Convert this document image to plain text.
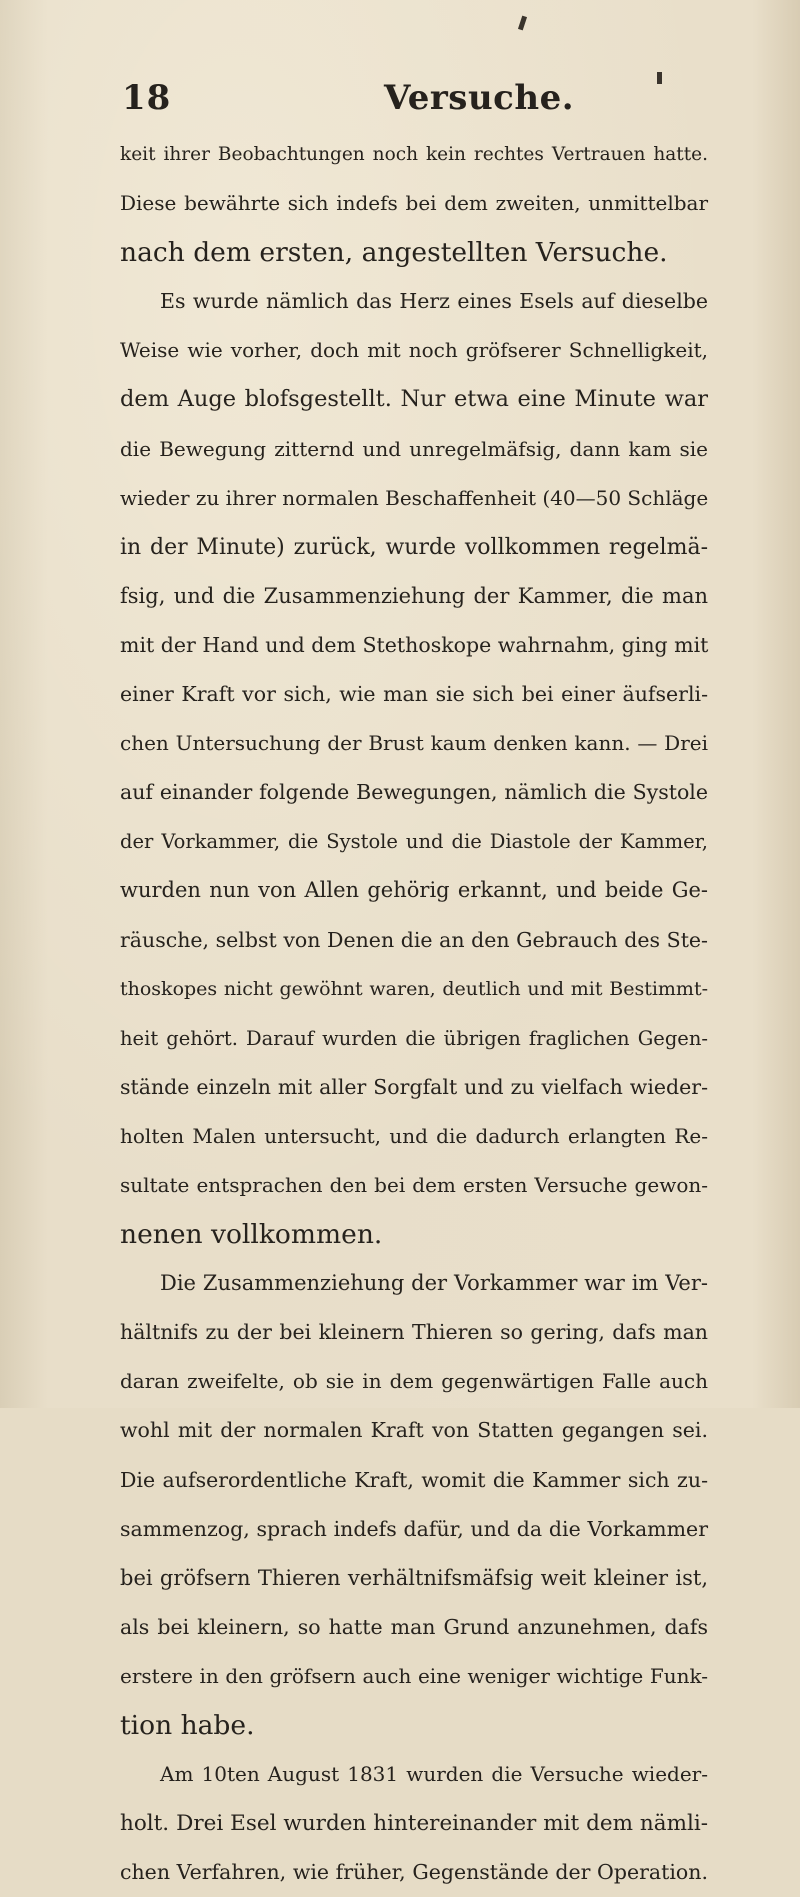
18	Versuche.
keit ihrer Beobachtungen noch kein rechtes Vertrauen hatte.
Diese bewährte sich indefs bei dem zweiten, unmittelbar
nach dem ersten, angestellten Versuche.
Es wurde nämlich das Herz eines Esels auf dieselbe
Weise wie vorher, doch mit noch gröfserer Schnelligkeit,
dem Auge blofsgestellt. Nur etwa eine Minute war
die Bewegung zitternd und unregelmäfsig, dann kam sie
wieder zu ihrer normalen Beschaffenheit (40—50 Schläge
in der Minute) zurück, wurde vollkommen regelmä-
fsig, und die Zusammenziehung der Kammer, die man
mit der Hand und dem Stethoskope wahrnahm, ging mit
einer Kraft vor sich, wie man sie sich bei einer äufserli-
chen Untersuchung der Brust kaum denken kann. — Drei
auf einander folgende Bewegungen, nämlich die Systole
der Vorkammer, die Systole und die Diastole der Kammer,
wurden nun von Allen gehörig erkannt, und beide Ge-
räusche, selbst von Denen die an den Gebrauch des Ste-
thoskopes nicht gewöhnt waren, deutlich und mit Bestimmt-
heit gehört. Darauf wurden die übrigen fraglichen Gegen-
stände einzeln mit aller Sorgfalt und zu vielfach wieder-
holten Malen untersucht, und die dadurch erlangten Re-
sultate entsprachen den bei dem ersten Versuche gewon-
nenen vollkommen.
Die Zusammenziehung der Vorkammer war im Ver-
hältnifs zu der bei kleinern Thieren so gering, dafs man
daran zweifelte, ob sie in dem gegenwärtigen Falle auch
wohl mit der normalen Kraft von Statten gegangen sei.
Die aufserordentliche Kraft, womit die Kammer sich zu-
sammenzog, sprach indefs dafür, und da die Vorkammer
bei gröfsern Thieren verhältnifsmäfsig weit kleiner ist,
als bei kleinern, so hatte man Grund anzunehmen, dafs
erstere in den gröfsern auch eine weniger wichtige Funk-
tion habe.
Am 10ten August 1831 wurden die Versuche wieder-
holt. Drei Esel wurden hintereinander mit dem nämli-
chen Verfahren, wie früher, Gegenstände der Operation.
